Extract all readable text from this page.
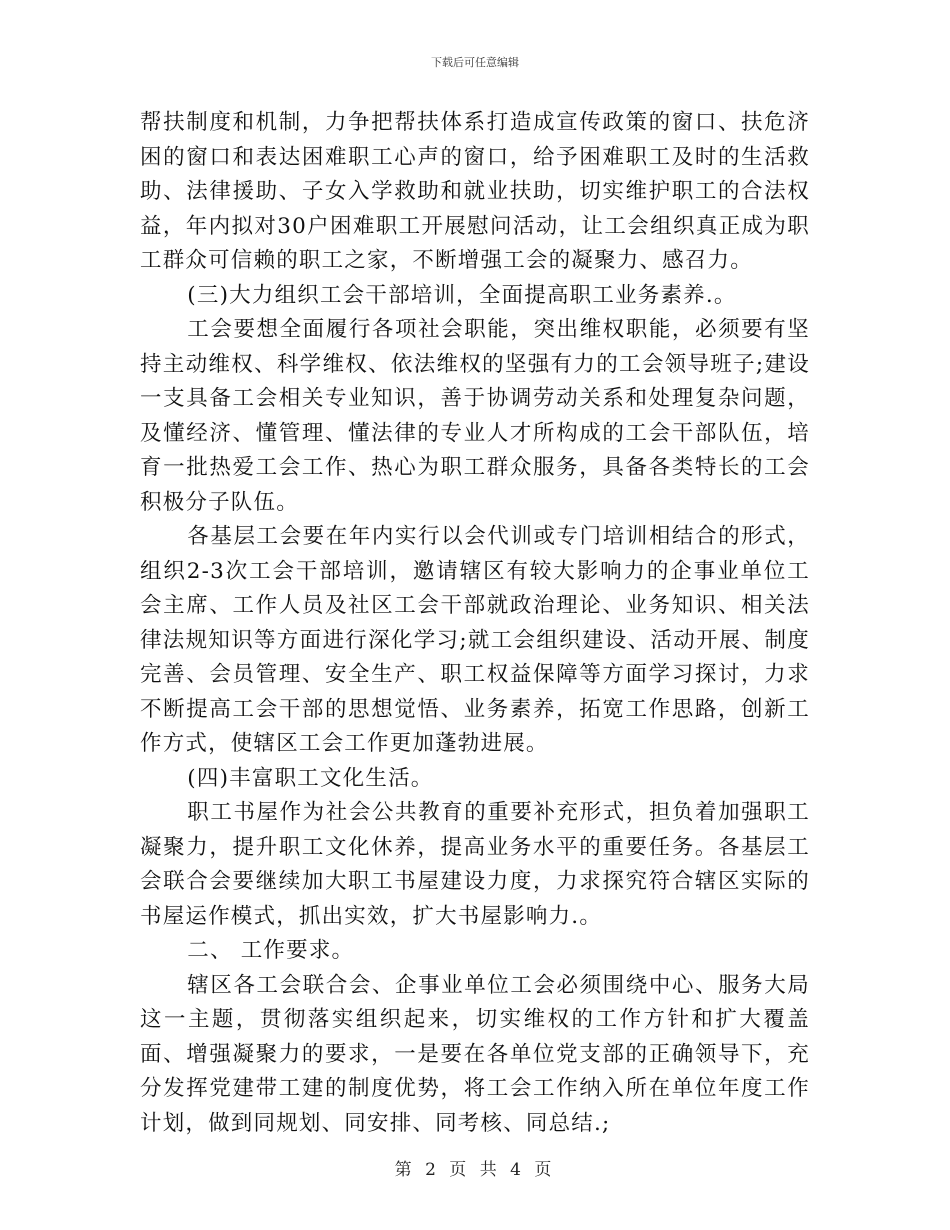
下载后可任意编辑

帮扶制度和机制，力争把帮扶体系打造成宣传政策的窗口、扶危济困的窗口和表达困难职工心声的窗口，给予困难职工及时的生活救助、法律援助、子女入学救助和就业扶助，切实维护职工的合法权益，年内拟对30户困难职工开展慰问活动，让工会组织真正成为职工群众可信赖的职工之家，不断增强工会的凝聚力、感召力。

(三)大力组织工会干部培训，全面提高职工业务素养.。

工会要想全面履行各项社会职能，突出维权职能，必须要有坚持主动维权、科学维权、依法维权的坚强有力的工会领导班子;建设一支具备工会相关专业知识，善于协调劳动关系和处理复杂问题，及懂经济、懂管理、懂法律的专业人才所构成的工会干部队伍，培育一批热爱工会工作、热心为职工群众服务，具备各类特长的工会积极分子队伍。

各基层工会要在年内实行以会代训或专门培训相结合的形式，组织2-3次工会干部培训，邀请辖区有较大影响力的企事业单位工会主席、工作人员及社区工会干部就政治理论、业务知识、相关法律法规知识等方面进行深化学习;就工会组织建设、活动开展、制度完善、会员管理、安全生产、职工权益保障等方面学习探讨，力求不断提高工会干部的思想觉悟、业务素养，拓宽工作思路，创新工作方式，使辖区工会工作更加蓬勃进展。

(四)丰富职工文化生活。

职工书屋作为社会公共教育的重要补充形式，担负着加强职工凝聚力，提升职工文化休养，提高业务水平的重要任务。各基层工会联合会要继续加大职工书屋建设力度，力求探究符合辖区实际的书屋运作模式，抓出实效，扩大书屋影响力.。

二、 工作要求。

辖区各工会联合会、企事业单位工会必须围绕中心、服务大局这一主题，贯彻落实组织起来，切实维权的工作方针和扩大覆盖面、增强凝聚力的要求，一是要在各单位党支部的正确领导下，充分发挥党建带工建的制度优势，将工会工作纳入所在单位年度工作计划，做到同规划、同安排、同考核、同总结.;

第 2 页 共 4 页
